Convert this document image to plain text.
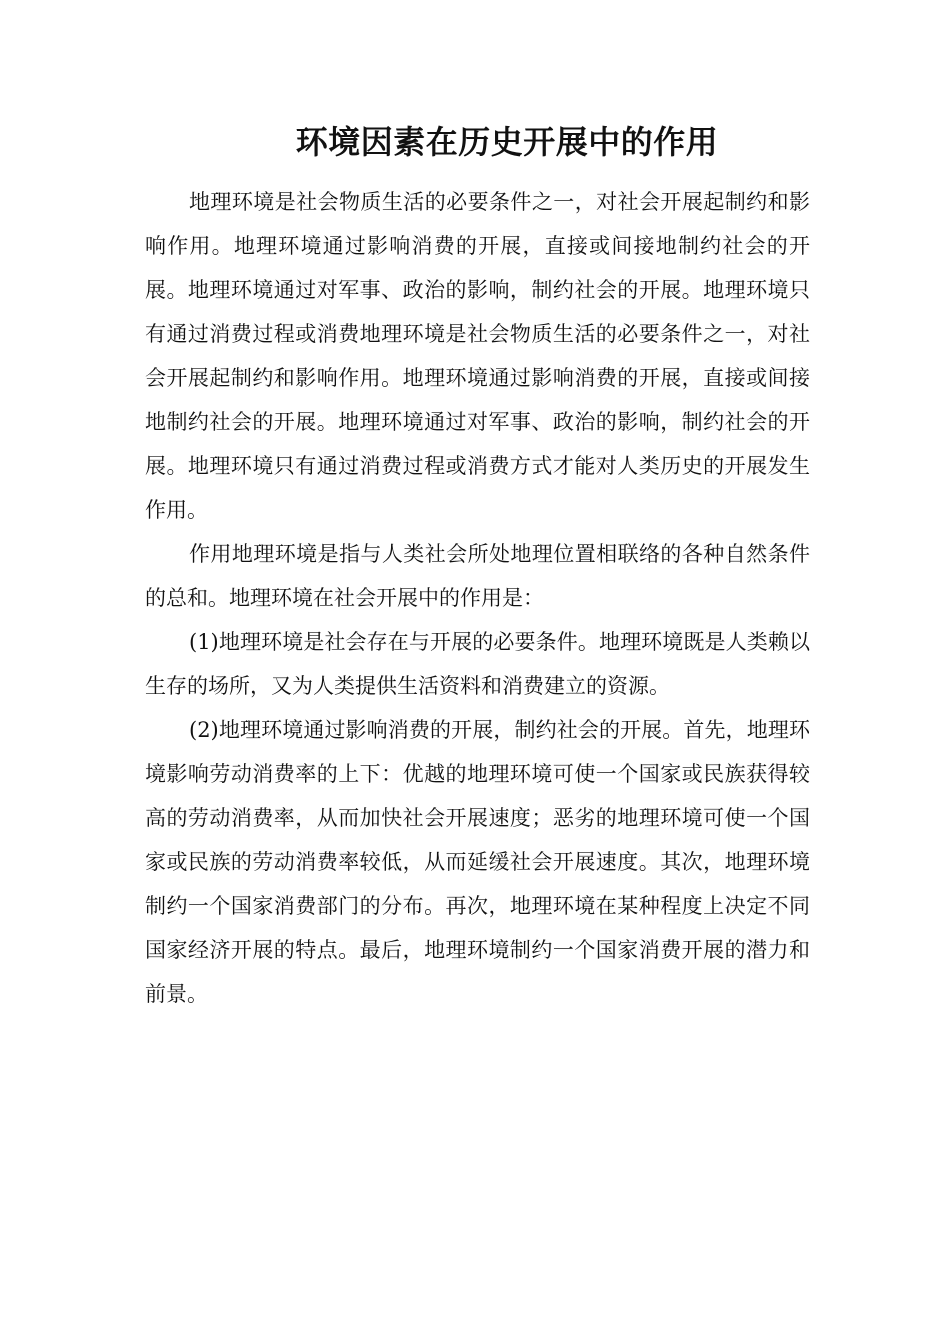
环境因素在历史开展中的作用

地理环境是社会物质生活的必要条件之一，对社会开展起制约和影响作用。地理环境通过影响消费的开展，直接或间接地制约社会的开展。地理环境通过对军事、政治的影响，制约社会的开展。地理环境只有通过消费过程或消费地理环境是社会物质生活的必要条件之一，对社会开展起制约和影响作用。地理环境通过影响消费的开展，直接或间接地制约社会的开展。地理环境通过对军事、政治的影响，制约社会的开展。地理环境只有通过消费过程或消费方式才能对人类历史的开展发生作用。

作用地理环境是指与人类社会所处地理位置相联络的各种自然条件的总和。地理环境在社会开展中的作用是：

(1)地理环境是社会存在与开展的必要条件。地理环境既是人类赖以生存的场所，又为人类提供生活资料和消费建立的资源。

(2)地理环境通过影响消费的开展，制约社会的开展。首先，地理环境影响劳动消费率的上下：优越的地理环境可使一个国家或民族获得较高的劳动消费率，从而加快社会开展速度；恶劣的地理环境可使一个国家或民族的劳动消费率较低，从而延缓社会开展速度。其次，地理环境制约一个国家消费部门的分布。再次，地理环境在某种程度上决定不同国家经济开展的特点。最后，地理环境制约一个国家消费开展的潜力和前景。
